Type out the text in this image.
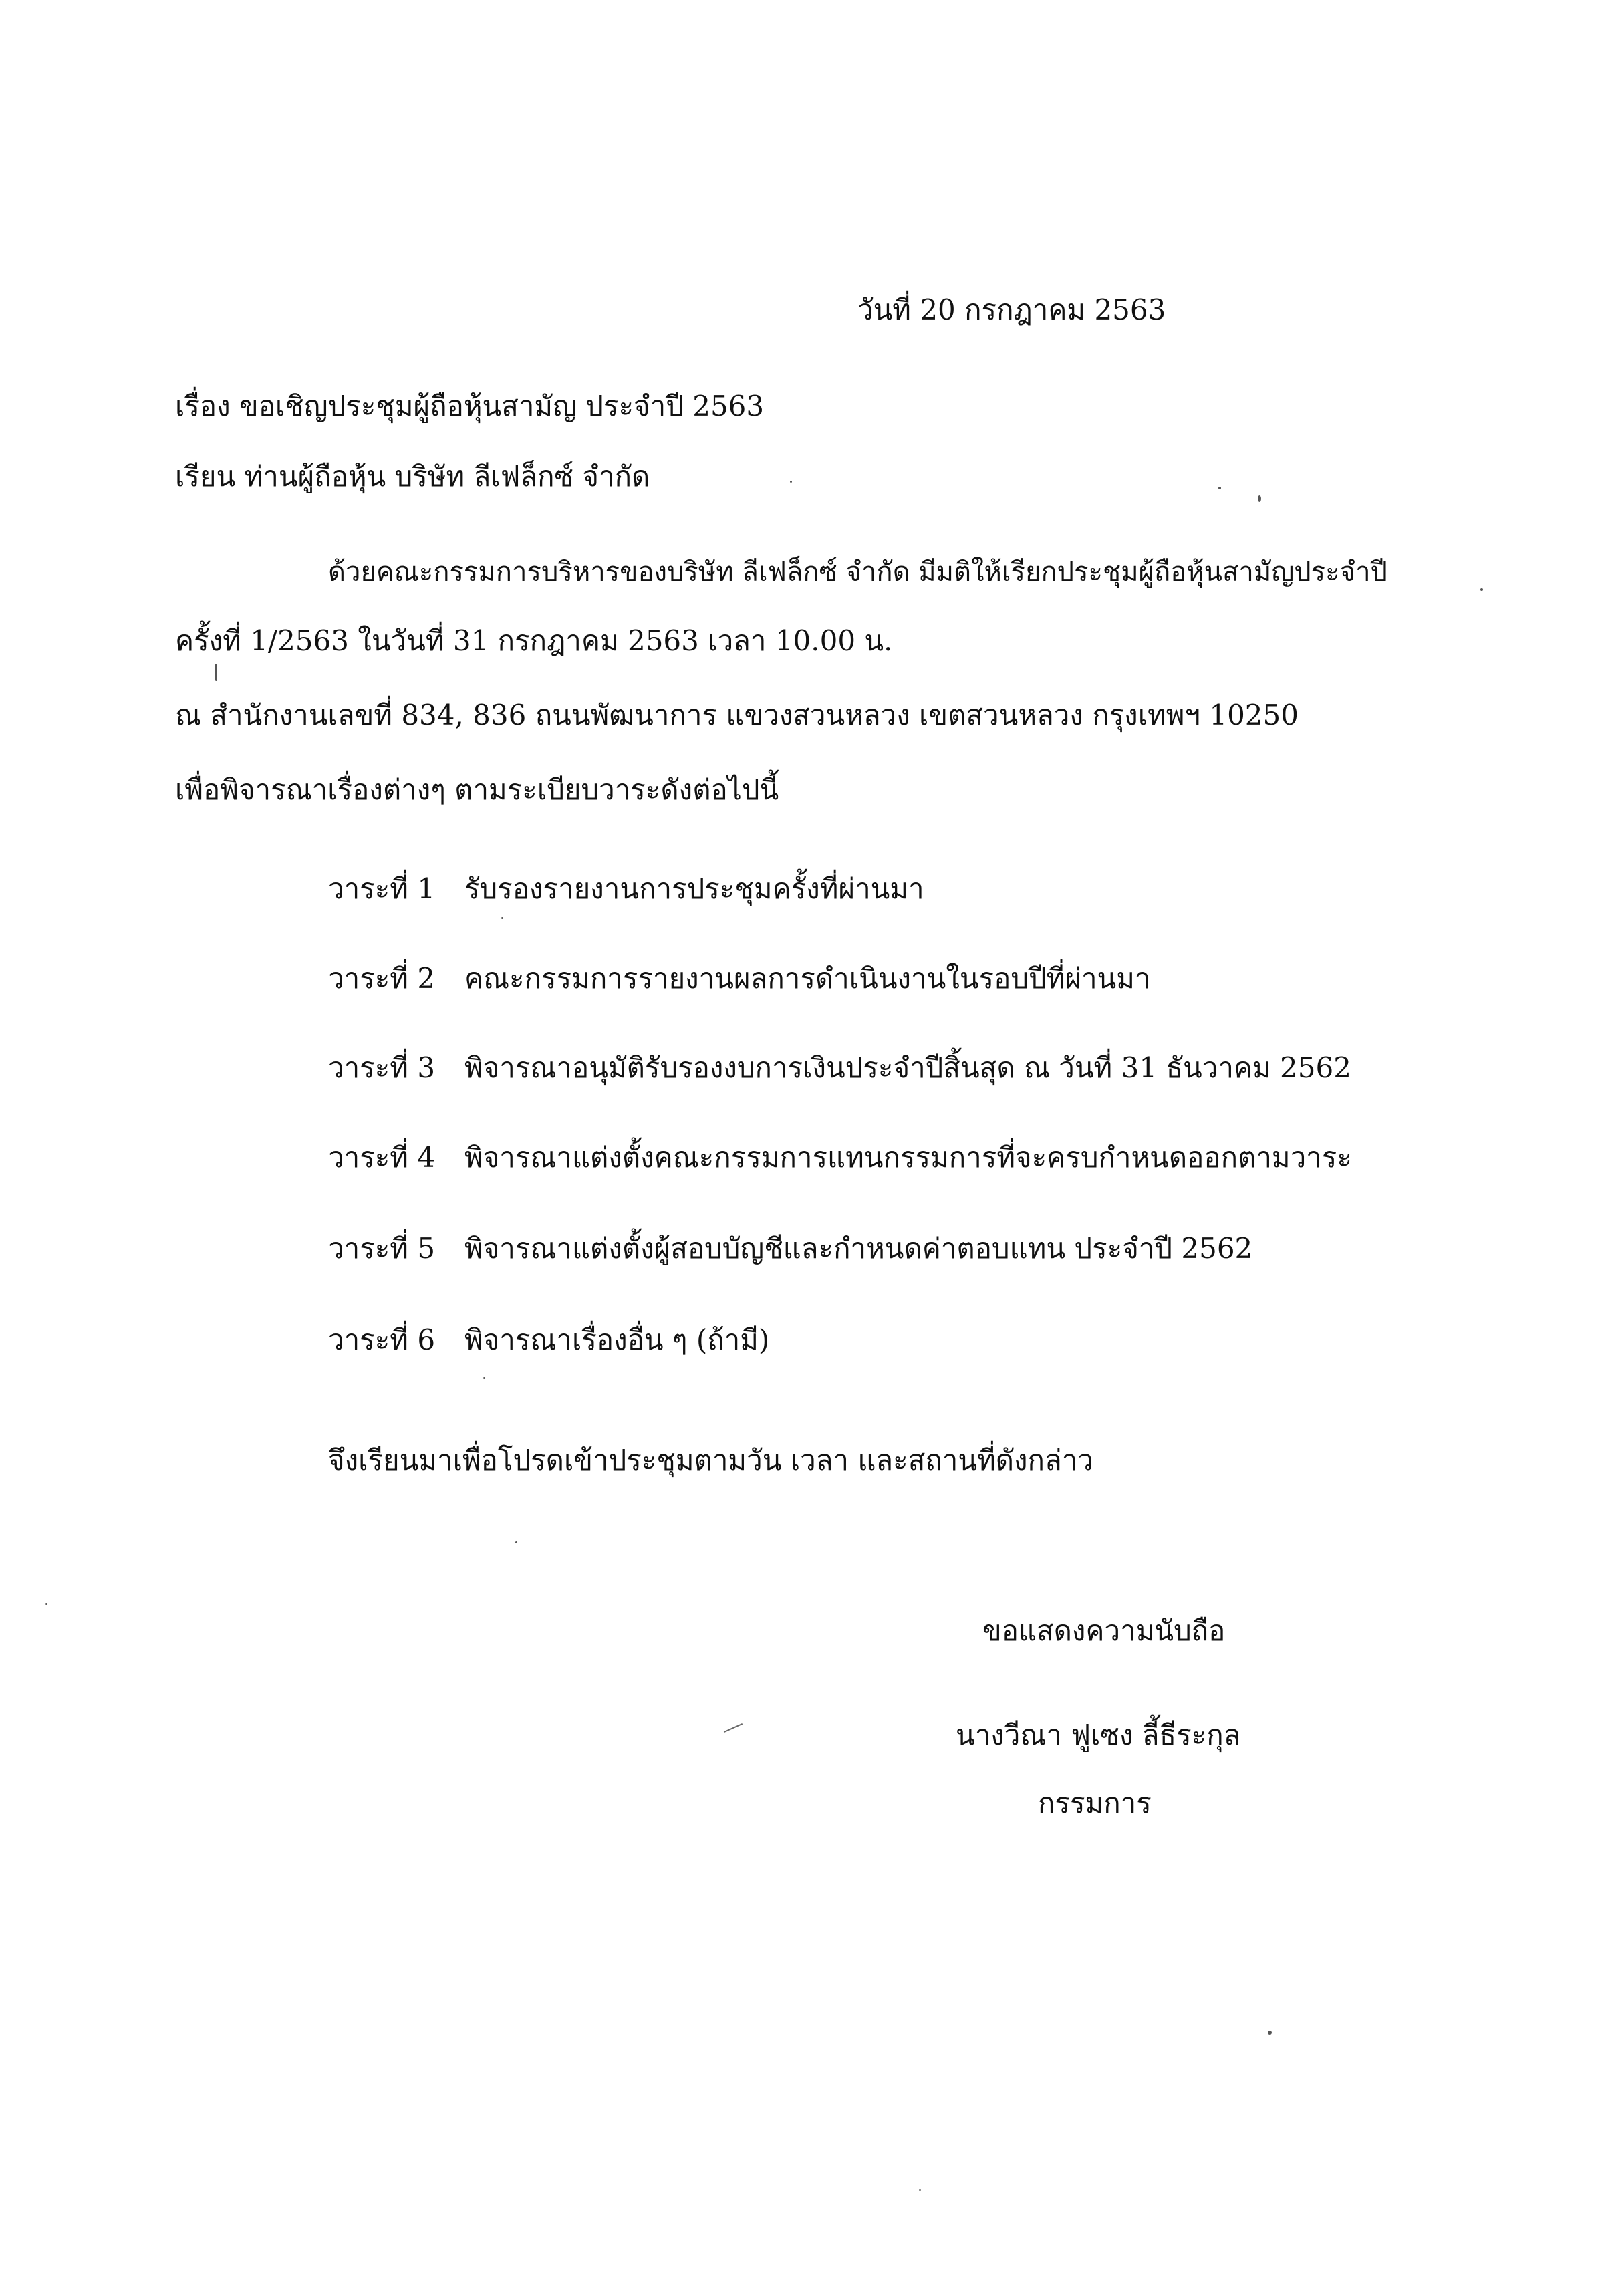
วันที่ 20 กรกฎาคม 2563
เรื่อง ขอเชิญประชุมผู้ถือหุ้นสามัญ ประจำปี 2563
เรียน ท่านผู้ถือหุ้น บริษัท ลีเฟล็กซ์ จำกัด
ด้วยคณะกรรมการบริหารของบริษัท ลีเฟล็กซ์ จำกัด มีมติให้เรียกประชุมผู้ถือหุ้นสามัญประจำปี
ครั้งที่ 1/2563 ในวันที่ 31 กรกฎาคม 2563 เวลา 10.00 น.
ณ สำนักงานเลขที่ 834, 836 ถนนพัฒนาการ แขวงสวนหลวง เขตสวนหลวง กรุงเทพฯ 10250
เพื่อพิจารณาเรื่องต่างๆ ตามระเบียบวาระดังต่อไปนี้
วาระที่ 1 รับรองรายงานการประชุมครั้งที่ผ่านมา
วาระที่ 2 คณะกรรมการรายงานผลการดำเนินงานในรอบปีที่ผ่านมา
วาระที่ 3 พิจารณาอนุมัติรับรองงบการเงินประจำปีสิ้นสุด ณ วันที่ 31 ธันวาคม 2562
วาระที่ 4 พิจารณาแต่งตั้งคณะกรรมการแทนกรรมการที่จะครบกำหนดออกตามวาระ
วาระที่ 5 พิจารณาแต่งตั้งผู้สอบบัญชีและกำหนดค่าตอบแทน ประจำปี 2562
วาระที่ 6 พิจารณาเรื่องอื่น ๆ (ถ้ามี)
จึงเรียนมาเพื่อโปรดเข้าประชุมตามวัน เวลา และสถานที่ดังกล่าว
ขอแสดงความนับถือ
นางวีณา ฟูเซง ลี้ธีระกุล
กรรมการ
